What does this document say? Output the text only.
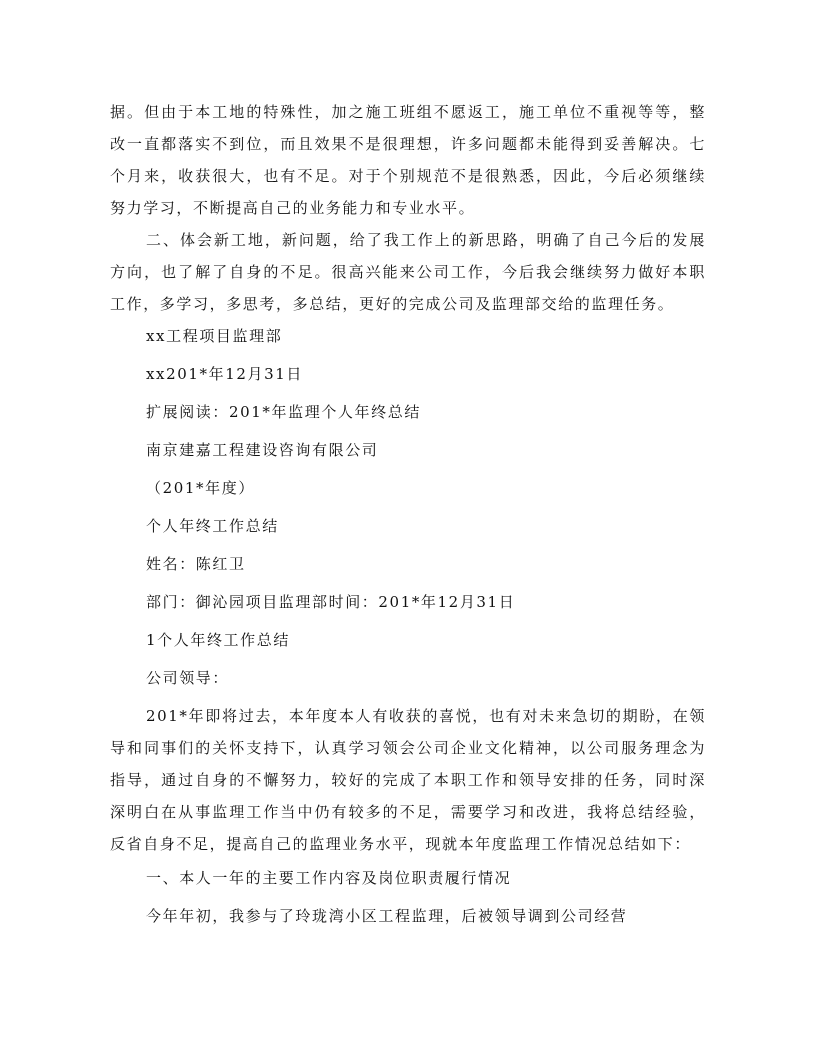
据。但由于本工地的特殊性，加之施工班组不愿返工，施工单位不重视等等，整改一直都落实不到位，而且效果不是很理想，许多问题都未能得到妥善解决。七个月来，收获很大，也有不足。对于个别规范不是很熟悉，因此，今后必须继续努力学习，不断提高自己的业务能力和专业水平。

二、体会新工地，新问题，给了我工作上的新思路，明确了自己今后的发展方向，也了解了自身的不足。很高兴能来公司工作，今后我会继续努力做好本职工作，多学习，多思考，多总结，更好的完成公司及监理部交给的监理任务。

xx工程项目监理部

xx201*年12月31日

扩展阅读：201*年监理个人年终总结

南京建嘉工程建设咨询有限公司

（201*年度）

个人年终工作总结

姓名：陈红卫

部门：御沁园项目监理部时间：201*年12月31日

1个人年终工作总结

公司领导：

201*年即将过去，本年度本人有收获的喜悦，也有对未来急切的期盼，在领导和同事们的关怀支持下，认真学习领会公司企业文化精神，以公司服务理念为指导，通过自身的不懈努力，较好的完成了本职工作和领导安排的任务，同时深深明白在从事监理工作当中仍有较多的不足，需要学习和改进，我将总结经验，反省自身不足，提高自己的监理业务水平，现就本年度监理工作情况总结如下：

一、本人一年的主要工作内容及岗位职责履行情况

今年年初，我参与了玲珑湾小区工程监理，后被领导调到公司经营
